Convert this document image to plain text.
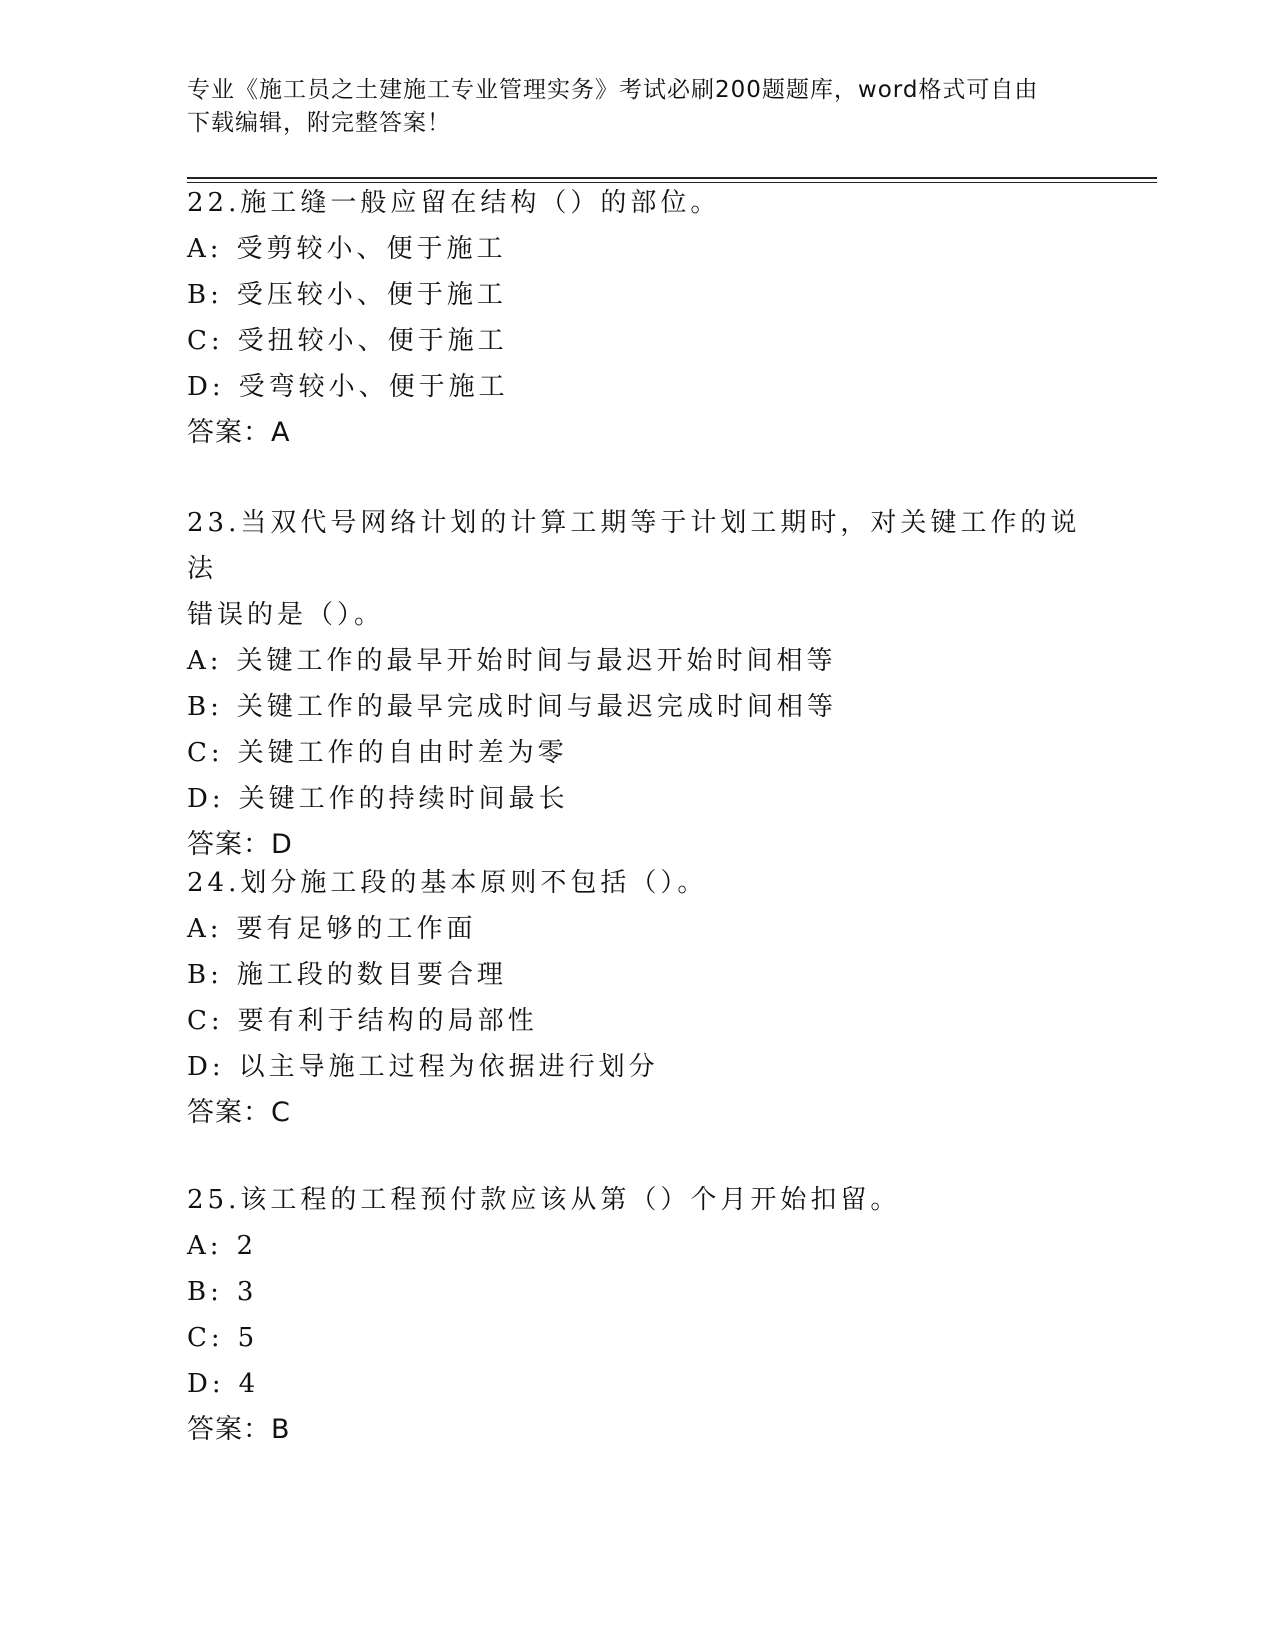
专业《施工员之土建施工专业管理实务》考试必刷200题题库，word格式可自由
下载编辑，附完整答案！

22.施工缝一般应留在结构（）的部位。

A: 受剪较小、便于施工

B: 受压较小、便于施工

C: 受扭较小、便于施工

D: 受弯较小、便于施工

答案：A

23.当双代号网络计划的计算工期等于计划工期时，对关键工作的说法

错误的是（）。

A: 关键工作的最早开始时间与最迟开始时间相等

B: 关键工作的最早完成时间与最迟完成时间相等

C: 关键工作的自由时差为零

D: 关键工作的持续时间最长

答案：D

24.划分施工段的基本原则不包括（）。

A: 要有足够的工作面

B: 施工段的数目要合理

C: 要有利于结构的局部性

D: 以主导施工过程为依据进行划分

答案：C

25.该工程的工程预付款应该从第（）个月开始扣留。

A: 2

B: 3

C: 5

D: 4

答案：B
